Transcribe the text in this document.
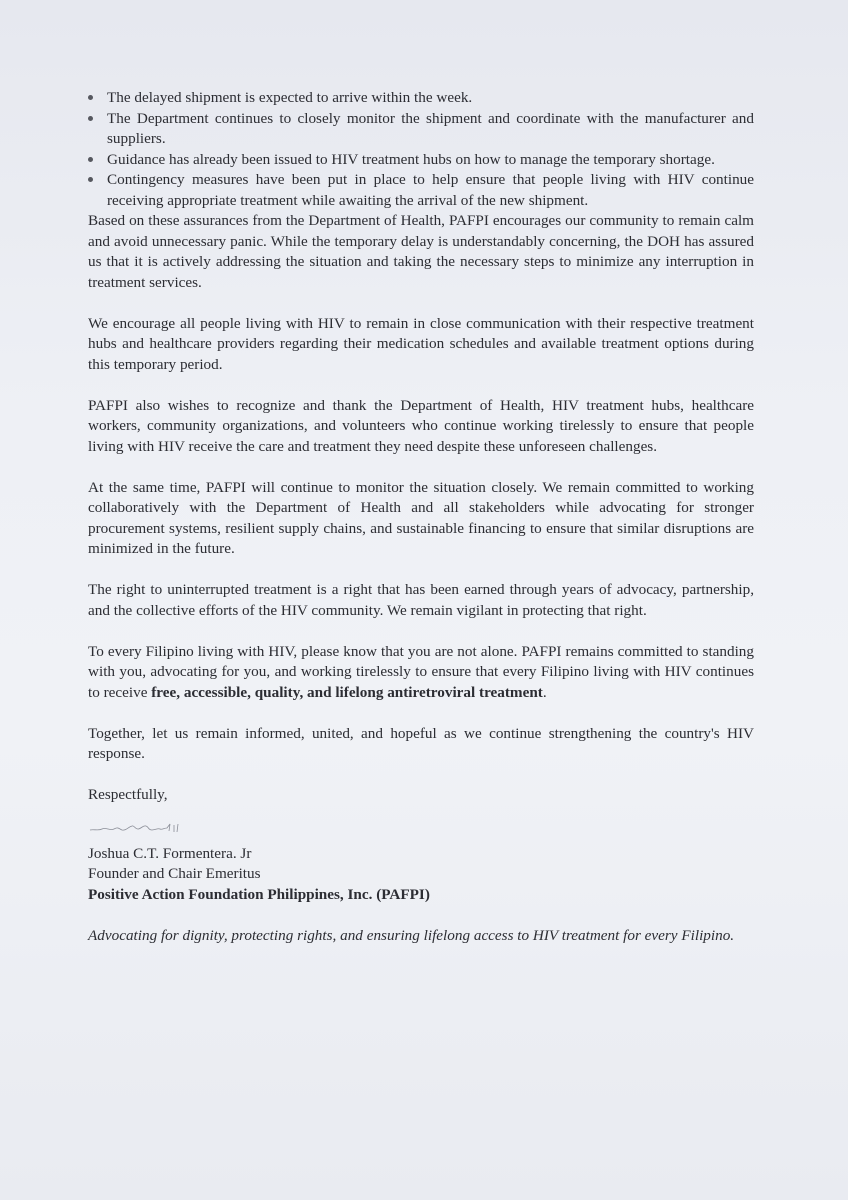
The delayed shipment is expected to arrive within the week.
The Department continues to closely monitor the shipment and coordinate with the manufacturer and suppliers.
Guidance has already been issued to HIV treatment hubs on how to manage the temporary shortage.
Contingency measures have been put in place to help ensure that people living with HIV continue receiving appropriate treatment while awaiting the arrival of the new shipment.

Based on these assurances from the Department of Health, PAFPI encourages our community to remain calm and avoid unnecessary panic. While the temporary delay is understandably concerning, the DOH has assured us that it is actively addressing the situation and taking the necessary steps to minimize any interruption in treatment services.

We encourage all people living with HIV to remain in close communication with their respective treatment hubs and healthcare providers regarding their medication schedules and available treatment options during this temporary period.

PAFPI also wishes to recognize and thank the Department of Health, HIV treatment hubs, healthcare workers, community organizations, and volunteers who continue working tirelessly to ensure that people living with HIV receive the care and treatment they need despite these unforeseen challenges.

At the same time, PAFPI will continue to monitor the situation closely. We remain committed to working collaboratively with the Department of Health and all stakeholders while advocating for stronger procurement systems, resilient supply chains, and sustainable financing to ensure that similar disruptions are minimized in the future.

The right to uninterrupted treatment is a right that has been earned through years of advocacy, partnership, and the collective efforts of the HIV community. We remain vigilant in protecting that right.

To every Filipino living with HIV, please know that you are not alone. PAFPI remains committed to standing with you, advocating for you, and working tirelessly to ensure that every Filipino living with HIV continues to receive free, accessible, quality, and lifelong antiretroviral treatment.

Together, let us remain informed, united, and hopeful as we continue strengthening the country's HIV response.

Respectfully,

Joshua C.T. Formentera. Jr

Founder and Chair Emeritus

Positive Action Foundation Philippines, Inc. (PAFPI)

Advocating for dignity, protecting rights, and ensuring lifelong access to HIV treatment for every Filipino.
